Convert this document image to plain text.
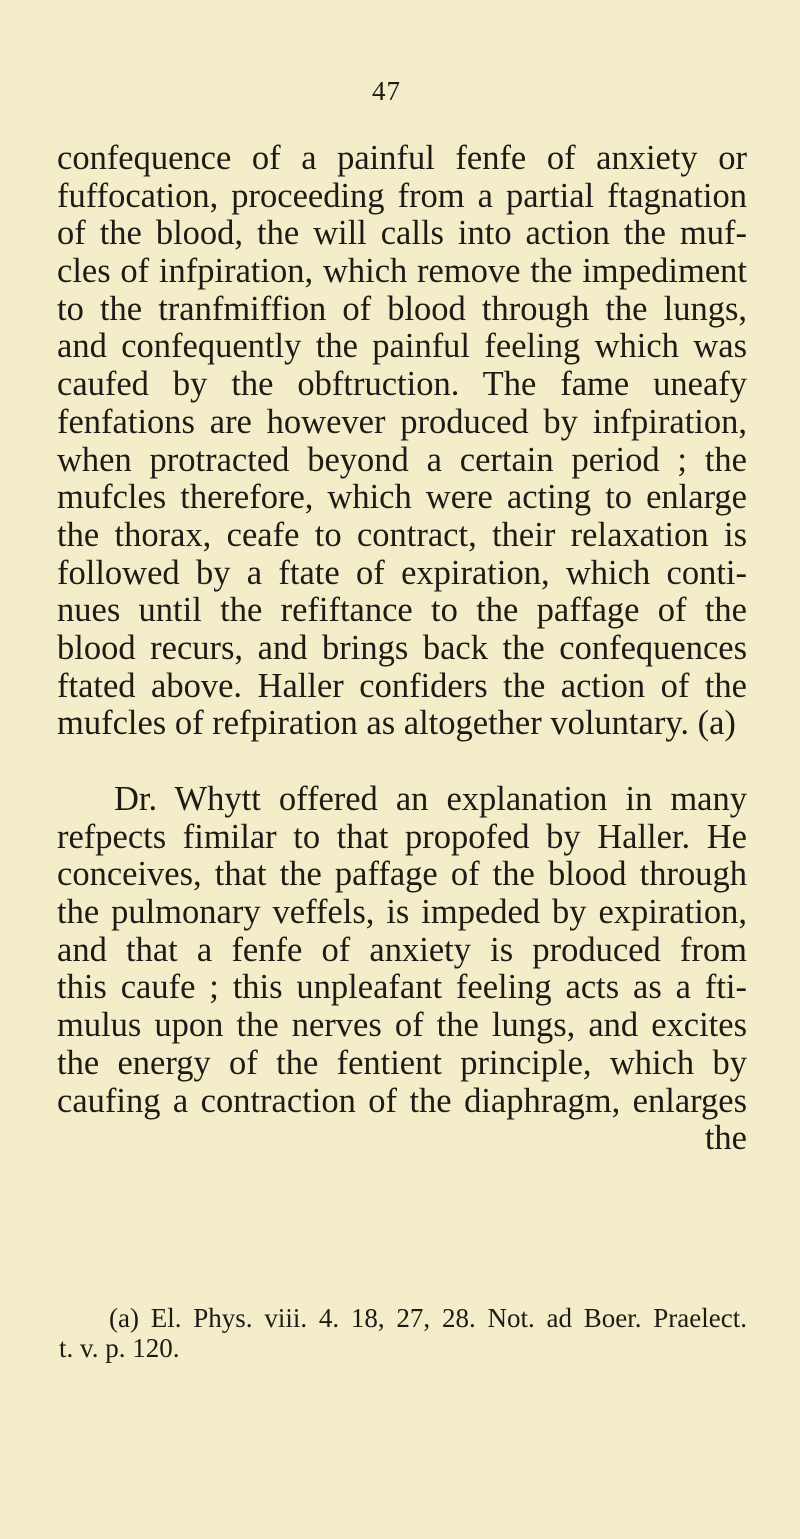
47
confequence of a painful fenfe of anxiety or
fuffocation, proceeding from a partial ftagnation
of the blood, the will calls into action the muf-
cles of infpiration, which remove the impediment
to the tranfmiffion of blood through the lungs,
and confequently the painful feeling which was
caufed by the obftruction. The fame uneafy
fenfations are however produced by infpiration,
when protracted beyond a certain period ; the
mufcles therefore, which were acting to enlarge
the thorax, ceafe to contract, their relaxation is
followed by a ftate of expiration, which conti-
nues until the refiftance to the paffage of the
blood recurs, and brings back the confequences
ftated above. Haller confiders the action of the
mufcles of refpiration as altogether voluntary. (a)
Dr. Whytt offered an explanation in many
refpects fimilar to that propofed by Haller. He
conceives, that the paffage of the blood through
the pulmonary veffels, is impeded by expiration,
and that a fenfe of anxiety is produced from
this caufe ; this unpleafant feeling acts as a fti-
mulus upon the nerves of the lungs, and excites
the energy of the fentient principle, which by
caufing a contraction of the diaphragm, enlarges
the
(a) El. Phys. viii. 4. 18, 27, 28. Not. ad Boer. Praelect.
t. v. p. 120.
